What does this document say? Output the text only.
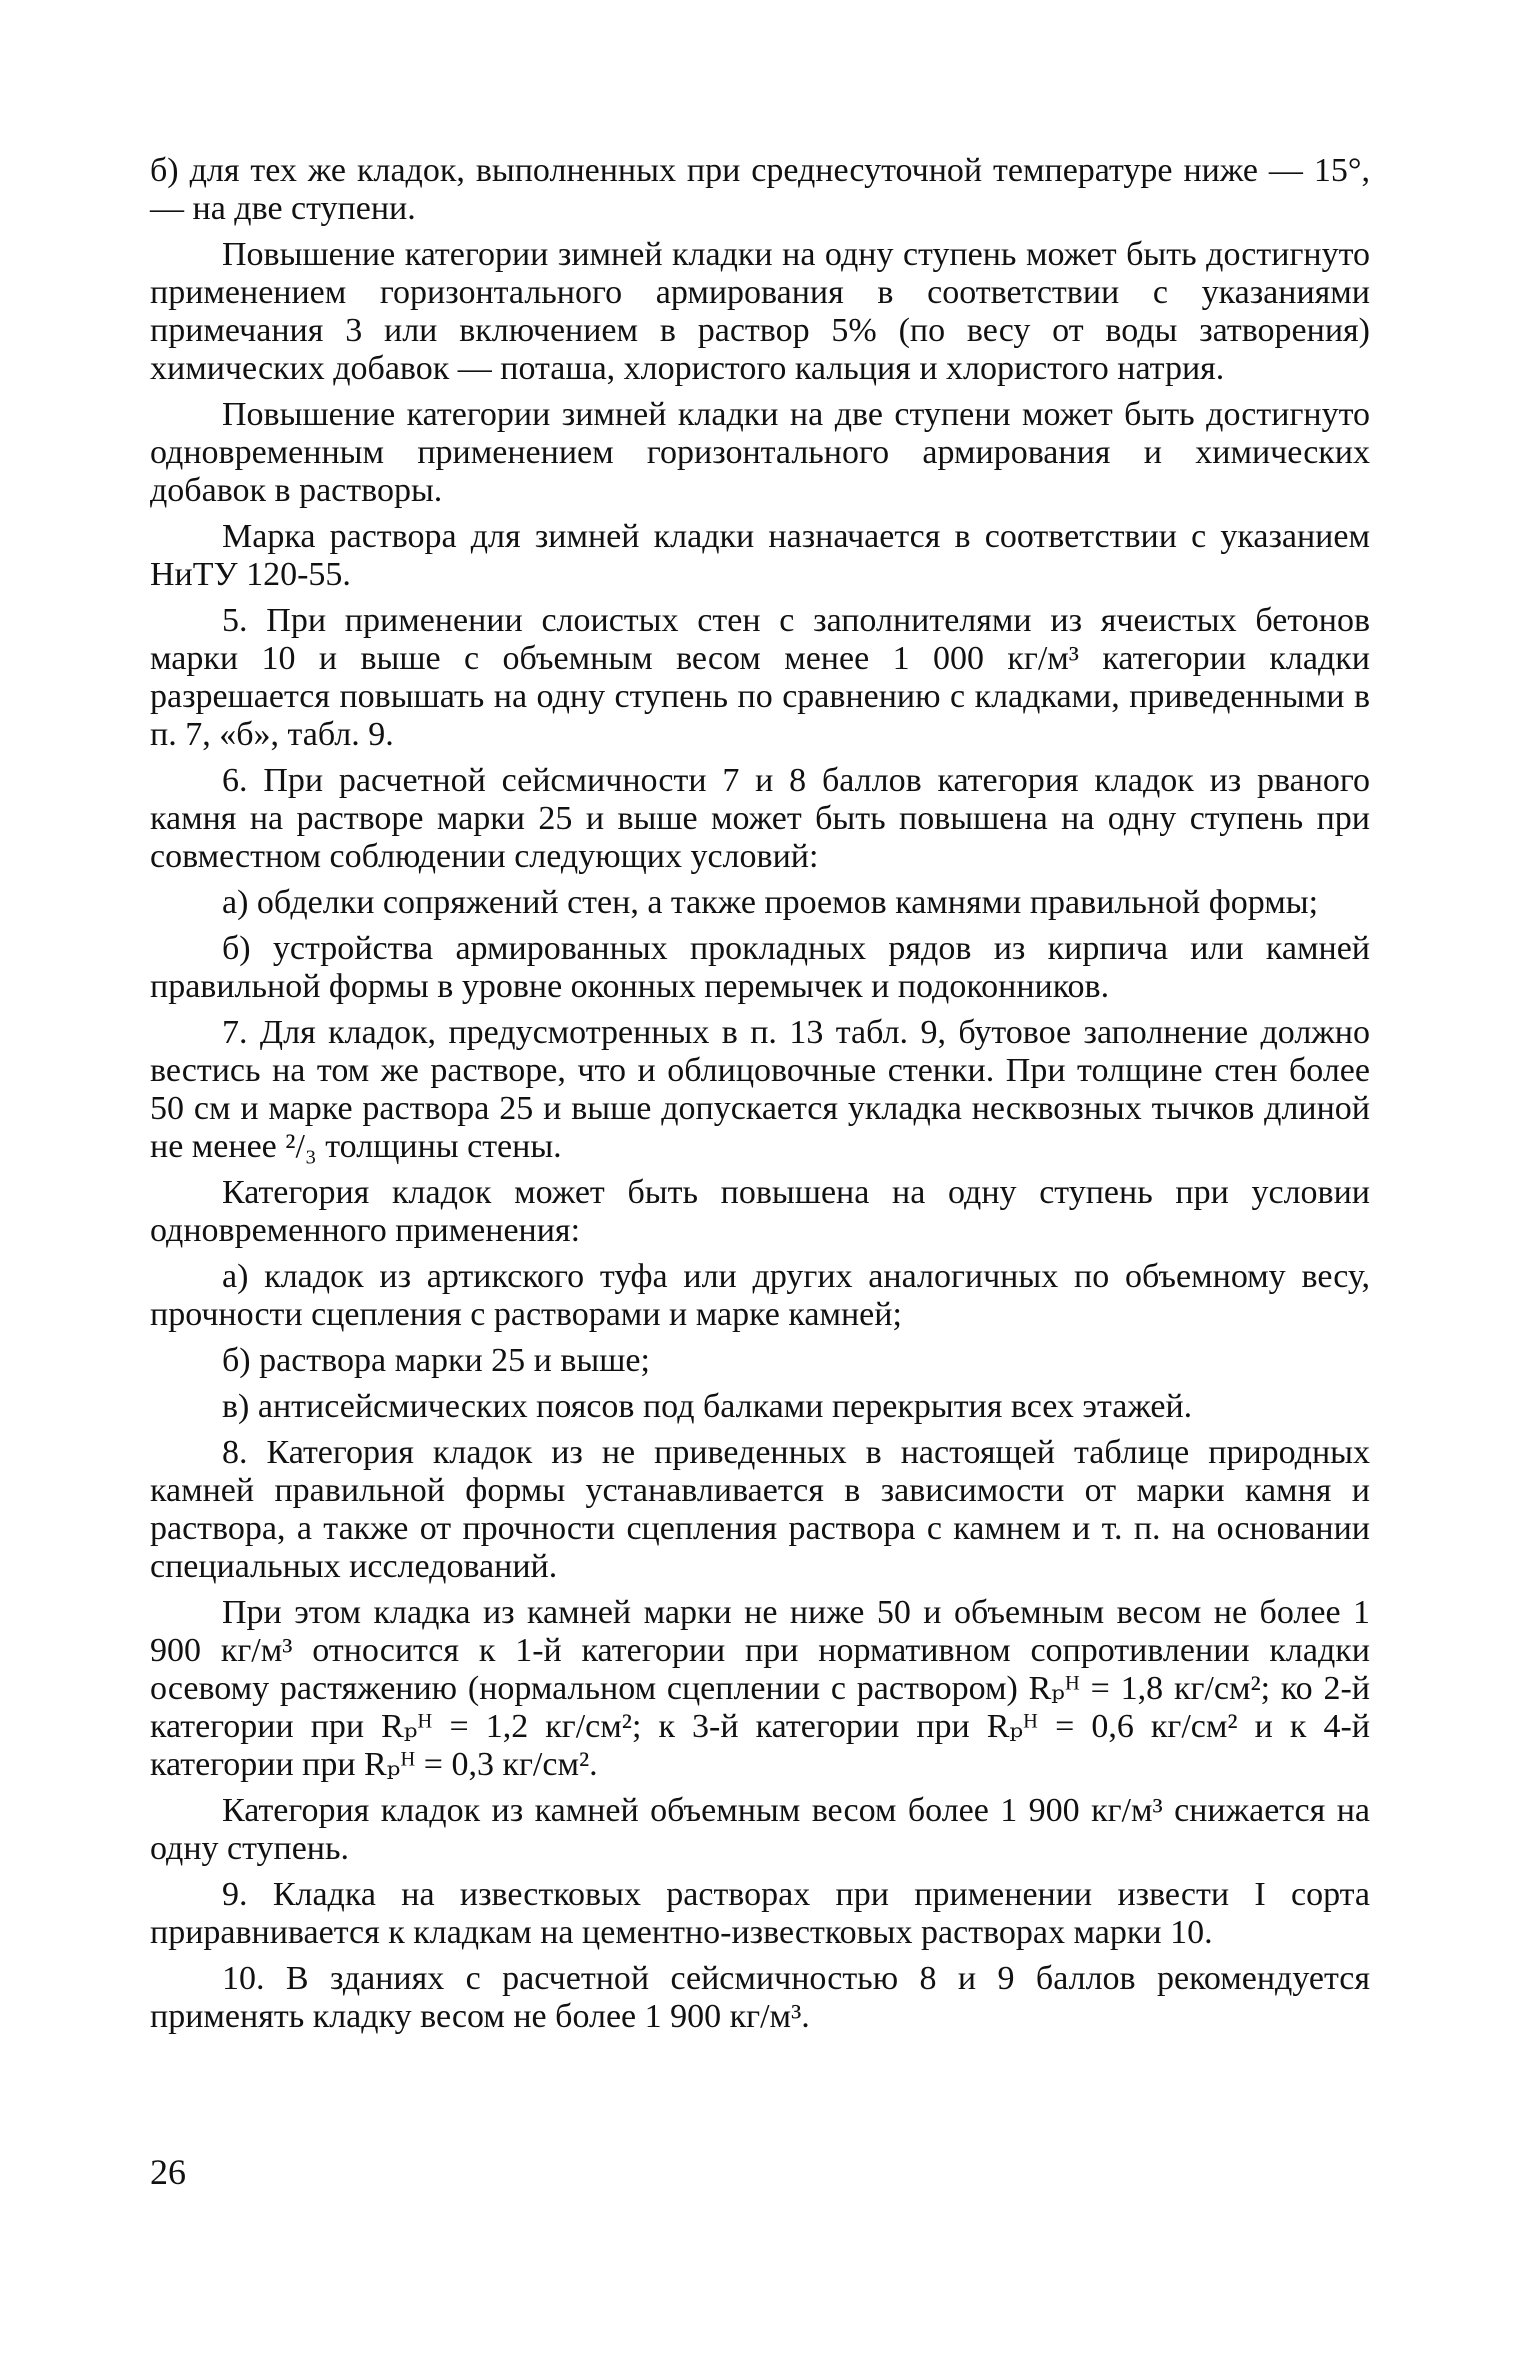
б) для тех же кладок, выполненных при среднесуточной температуре ниже — 15°, — на две ступени.

Повышение категории зимней кладки на одну ступень может быть достигнуто применением горизонтального армирования в соответствии с указаниями примечания 3 или включением в раствор 5% (по весу от воды затворения) химических добавок — поташа, хлористого кальция и хлористого натрия.

Повышение категории зимней кладки на две ступени может быть достигнуто одновременным применением горизонтального армирования и химических добавок в растворы.

Марка раствора для зимней кладки назначается в соответствии с указанием НиТУ 120-55.

5. При применении слоистых стен с заполнителями из ячеистых бетонов марки 10 и выше с объемным весом менее 1 000 кг/м³ категории кладки разрешается повышать на одну ступень по сравнению с кладками, приведенными в п. 7, «б», табл. 9.

6. При расчетной сейсмичности 7 и 8 баллов категория кладок из рваного камня на растворе марки 25 и выше может быть повышена на одну ступень при совместном соблюдении следующих условий:

а) обделки сопряжений стен, а также проемов камнями правильной формы;

б) устройства армированных прокладных рядов из кирпича или камней правильной формы в уровне оконных перемычек и подоконников.

7. Для кладок, предусмотренных в п. 13 табл. 9, бутовое заполнение должно вестись на том же растворе, что и облицовочные стенки. При толщине стен более 50 см и марке раствора 25 и выше допускается укладка несквозных тычков длиной не менее ²/₃ толщины стены.

Категория кладок может быть повышена на одну ступень при условии одновременного применения:

а) кладок из артикского туфа или других аналогичных по объемному весу, прочности сцепления с растворами и марке камней;

б) раствора марки 25 и выше;

в) антисейсмических поясов под балками перекрытия всех этажей.

8. Категория кладок из не приведенных в настоящей таблице природных камней правильной формы устанавливается в зависимости от марки камня и раствора, а также от прочности сцепления раствора с камнем и т. п. на основании специальных исследований.

При этом кладка из камней марки не ниже 50 и объемным весом не более 1 900 кг/м³ относится к 1-й категории при нормативном сопротивлении кладки осевому растяжению (нормальном сцеплении с раствором) Rₚᴴ = 1,8 кг/см²; ко 2-й категории при Rₚᴴ = 1,2 кг/см²; к 3-й категории при Rₚᴴ = 0,6 кг/см² и к 4-й категории при Rₚᴴ = 0,3 кг/см².

Категория кладок из камней объемным весом более 1 900 кг/м³ снижается на одну ступень.

9. Кладка на известковых растворах при применении извести I сорта приравнивается к кладкам на цементно-известковых растворах марки 10.

10. В зданиях с расчетной сейсмичностью 8 и 9 баллов рекомендуется применять кладку весом не более 1 900 кг/м³.

26
